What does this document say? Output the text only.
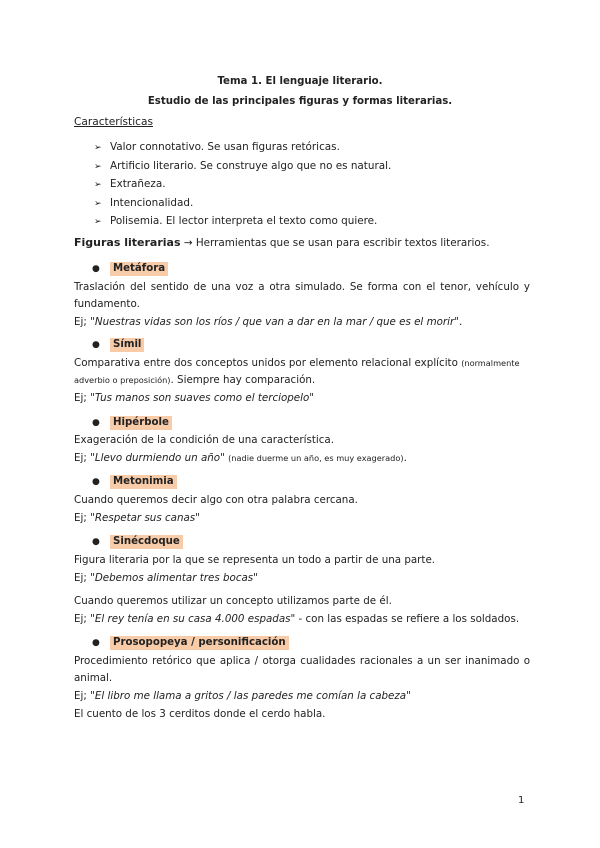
Tema 1. El lenguaje literario.
Estudio de las principales figuras y formas literarias.
Características
➢ Valor connotativo. Se usan figuras retóricas.
➢ Artificio literario. Se construye algo que no es natural.
➢ Extrañeza.
➢ Intencionalidad.
➢ Polisemia. El lector interpreta el texto como quiere.
Figuras literarias → Herramientas que se usan para escribir textos literarios.
● Metáfora
Traslación del sentido de una voz a otra simulado. Se forma con el tenor, vehículo y fundamento.
Ej; "Nuestras vidas son los ríos / que van a dar en la mar / que es el morir".
● Símil
Comparativa entre dos conceptos unidos por elemento relacional explícito (normalmente adverbio o preposición). Siempre hay comparación.
Ej; "Tus manos son suaves como el terciopelo"
● Hipérbole
Exageración de la condición de una característica.
Ej; "Llevo durmiendo un año" (nadie duerme un año, es muy exagerado).
● Metonimia
Cuando queremos decir algo con otra palabra cercana.
Ej; "Respetar sus canas"
● Sinécdoque
Figura literaria por la que se representa un todo a partir de una parte.
Ej; "Debemos alimentar tres bocas"
Cuando queremos utilizar un concepto utilizamos parte de él.
Ej; "El rey tenía en su casa 4.000 espadas" - con las espadas se refiere a los soldados.
● Prosopopeya / personificación
Procedimiento retórico que aplica / otorga cualidades racionales a un ser inanimado o animal.
Ej; "El libro me llama a gritos / las paredes me comían la cabeza"
El cuento de los 3 cerditos donde el cerdo habla.
1
